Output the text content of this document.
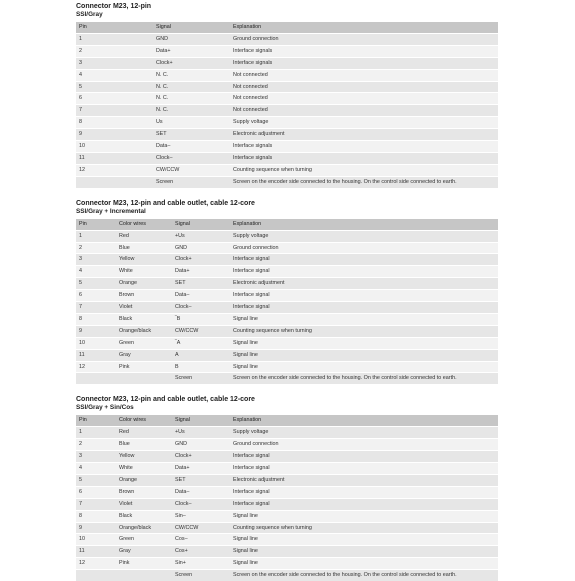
Connector M23, 12-pin
SSI/Gray
Pin	Signal	Explanation
1	GND	Ground connection
2	Data+	Interface signals
3	Clock+	Interface signals
4	N. C.	Not connected
5	N. C.	Not connected
6	N. C.	Not connected
7	N. C.	Not connected
8	Us	Supply voltage
9	SET	Electronic adjustment
10	Data–	Interface signals
11	Clock–	Interface signals
12	CW/CCW	Counting sequence when turning
	Screen	Screen on the encoder side connected to the housing. On the control side connected to earth.
Connector M23, 12-pin and cable outlet, cable 12-core
SSI/Gray + Incremental
Pin	Color wires	Signal	Explanation
1	Red	+Us	Supply voltage
2	Blue	GND	Ground connection
3	Yellow	Clock+	Interface signal
4	White	Data+	Interface signal
5	Orange	SET	Electronic adjustment
6	Brown	Data–	Interface signal
7	Violet	Clock–	Interface signal
8	Black	‾B	Signal line
9	Orange/black	CW/CCW	Counting sequence when turning
10	Green	‾A	Signal line
11	Gray	A	Signal line
12	Pink	B	Signal line
		Screen	Screen on the encoder side connected to the housing. On the control side connected to earth.
Connector M23, 12-pin and cable outlet, cable 12-core
SSI/Gray + Sin/Cos
Pin	Color wires	Signal	Explanation
1	Red	+Us	Supply voltage
2	Blue	GND	Ground connection
3	Yellow	Clock+	Interface signal
4	White	Data+	Interface signal
5	Orange	SET	Electronic adjustment
6	Brown	Data–	Interface signal
7	Violet	Clock–	Interface signal
8	Black	Sin–	Signal line
9	Orange/black	CW/CCW	Counting sequence when turning
10	Green	Cos–	Signal line
11	Gray	Cos+	Signal line
12	Pink	Sin+	Signal line
		Screen	Screen on the encoder side connected to the housing. On the control side connected to earth.
